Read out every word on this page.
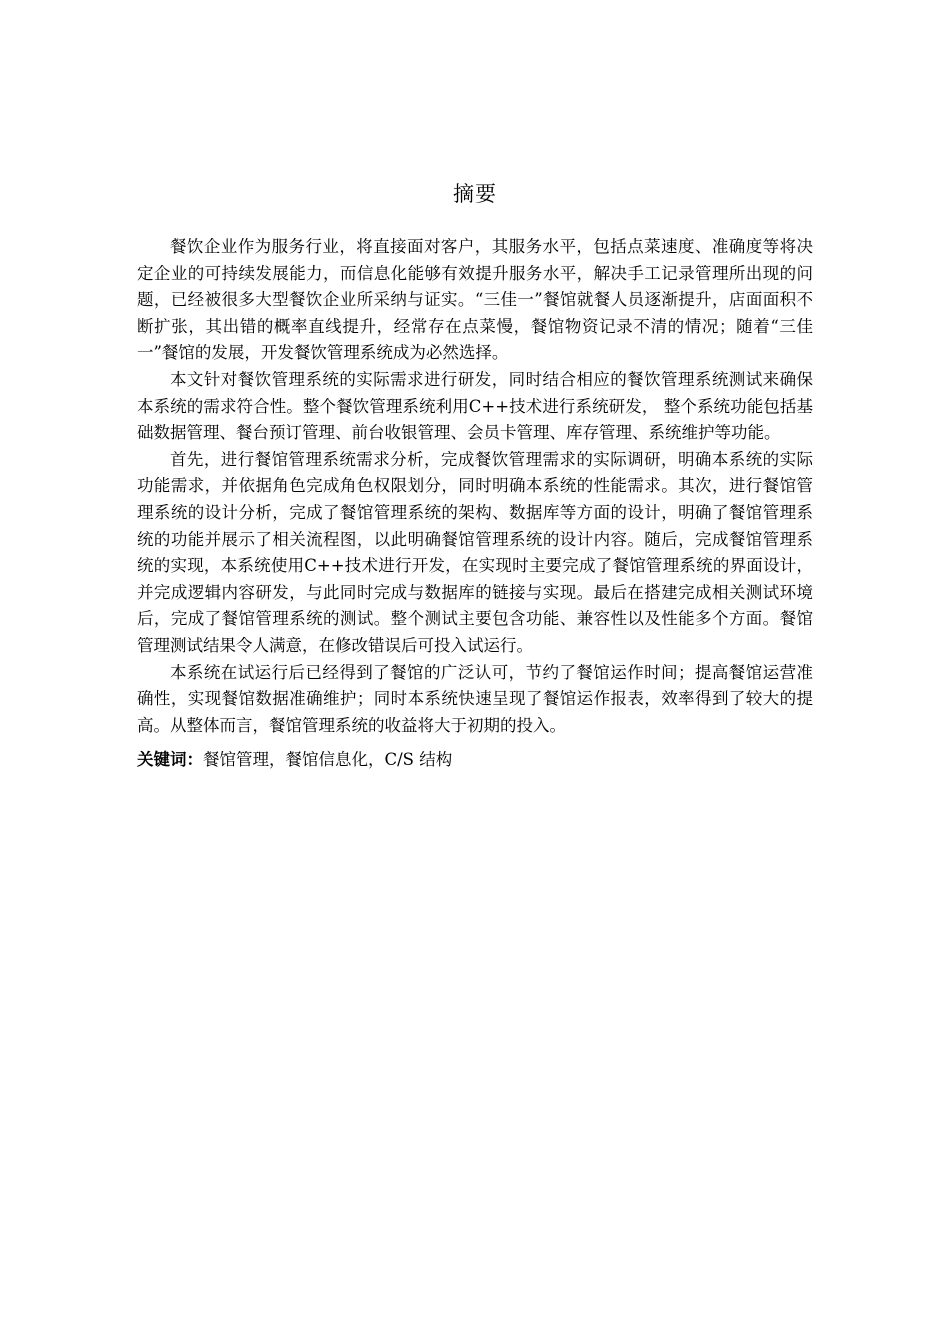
摘要

餐饮企业作为服务行业，将直接面对客户，其服务水平，包括点菜速度、准确度等将决定企业的可持续发展能力，而信息化能够有效提升服务水平，解决手工记录管理所出现的问题，已经被很多大型餐饮企业所采纳与证实。“三佳一”餐馆就餐人员逐渐提升，店面面积不断扩张，其出错的概率直线提升，经常存在点菜慢，餐馆物资记录不清的情况；随着“三佳一”餐馆的发展，开发餐饮管理系统成为必然选择。

本文针对餐饮管理系统的实际需求进行研发，同时结合相应的餐饮管理系统测试来确保本系统的需求符合性。整个餐饮管理系统利用C++技术进行系统研发， 整个系统功能包括基础数据管理、餐台预订管理、前台收银管理、会员卡管理、库存管理、系统维护等功能。

首先，进行餐馆管理系统需求分析，完成餐饮管理需求的实际调研，明确本系统的实际功能需求，并依据角色完成角色权限划分，同时明确本系统的性能需求。其次，进行餐馆管理系统的设计分析，完成了餐馆管理系统的架构、数据库等方面的设计，明确了餐馆管理系统的功能并展示了相关流程图，以此明确餐馆管理系统的设计内容。随后，完成餐馆管理系统的实现，本系统使用C++技术进行开发，在实现时主要完成了餐馆管理系统的界面设计，并完成逻辑内容研发，与此同时完成与数据库的链接与实现。最后在搭建完成相关测试环境后，完成了餐馆管理系统的测试。整个测试主要包含功能、兼容性以及性能多个方面。餐馆管理测试结果令人满意，在修改错误后可投入试运行。

本系统在试运行后已经得到了餐馆的广泛认可，节约了餐馆运作时间；提高餐馆运营准确性，实现餐馆数据准确维护；同时本系统快速呈现了餐馆运作报表，效率得到了较大的提高。从整体而言，餐馆管理系统的收益将大于初期的投入。

关键词：餐馆管理，餐馆信息化，C/S 结构
